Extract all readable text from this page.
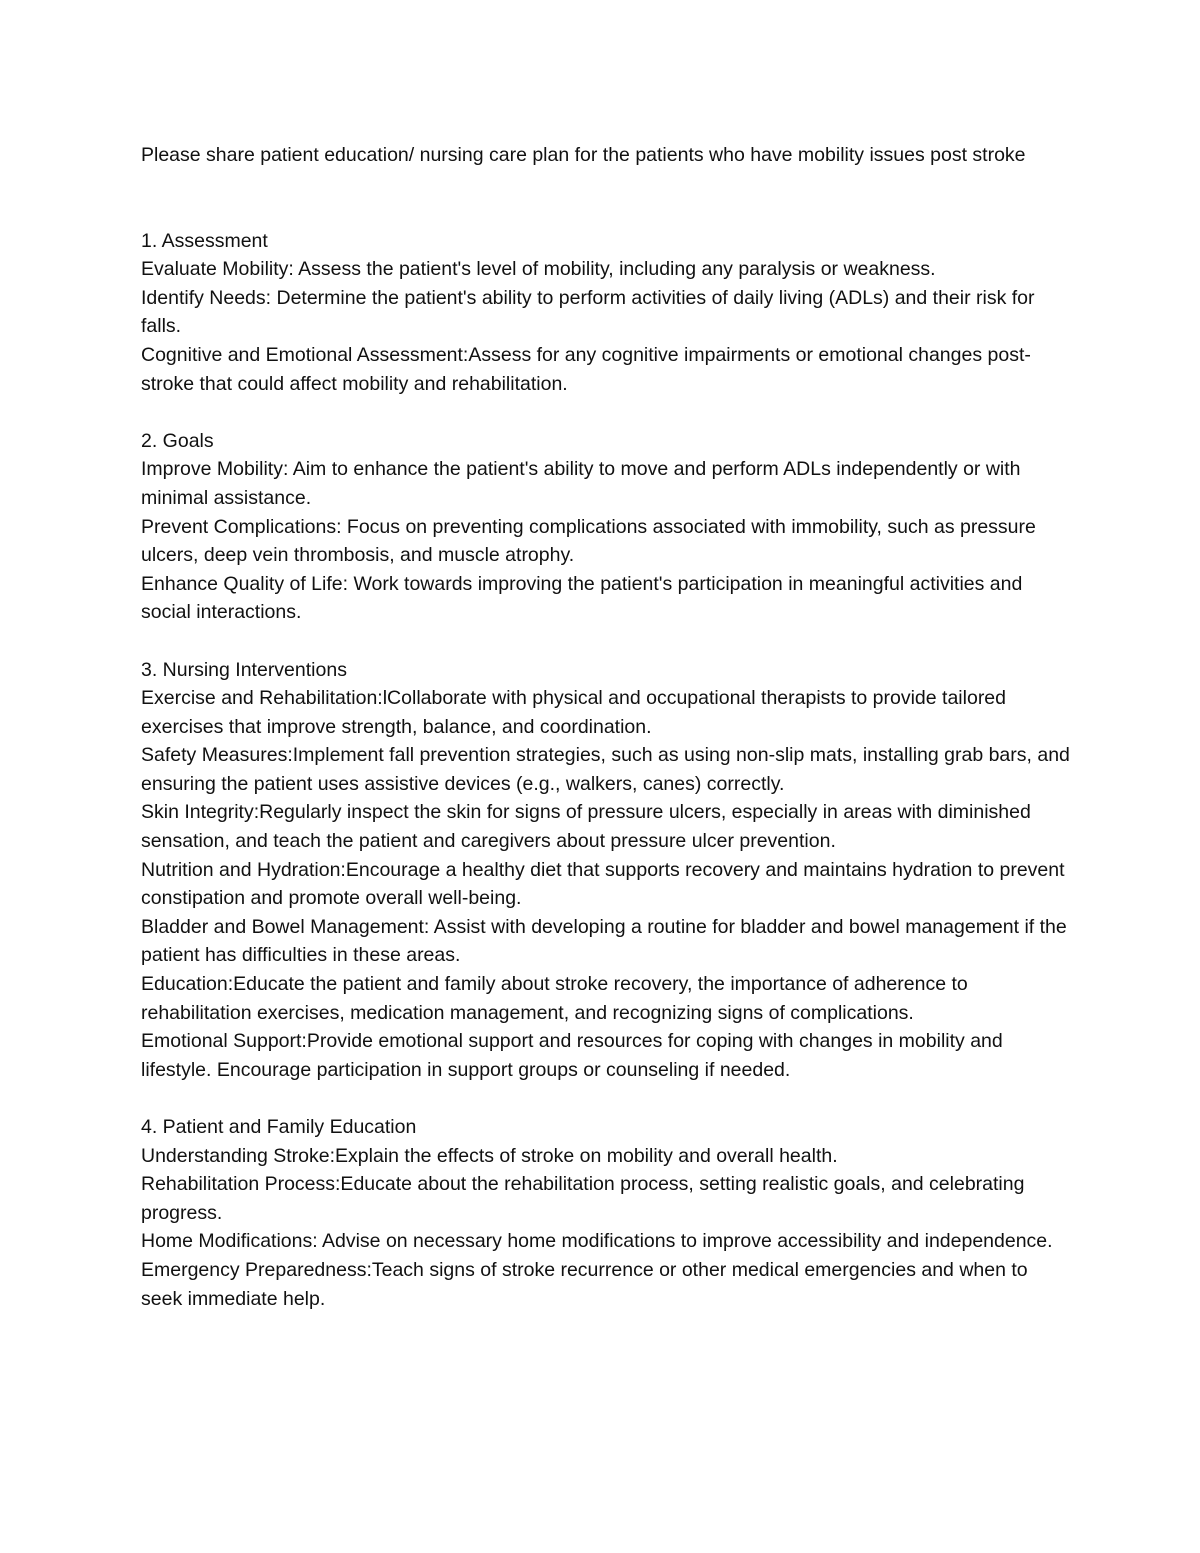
Please share patient education/ nursing care plan for the patients who have mobility issues post stroke

1. Assessment
Evaluate Mobility: Assess the patient's level of mobility, including any paralysis or weakness.
Identify Needs: Determine the patient's ability to perform activities of daily living (ADLs) and their risk for falls.
Cognitive and Emotional Assessment:Assess for any cognitive impairments or emotional changes post-stroke that could affect mobility and rehabilitation.
2. Goals
Improve Mobility: Aim to enhance the patient's ability to move and perform ADLs independently or with minimal assistance.
Prevent Complications: Focus on preventing complications associated with immobility, such as pressure ulcers, deep vein thrombosis, and muscle atrophy.
Enhance Quality of Life: Work towards improving the patient's participation in meaningful activities and social interactions.
3. Nursing Interventions
Exercise and Rehabilitation:lCollaborate with physical and occupational therapists to provide tailored exercises that improve strength, balance, and coordination.
Safety Measures:Implement fall prevention strategies, such as using non-slip mats, installing grab bars, and ensuring the patient uses assistive devices (e.g., walkers, canes) correctly.
Skin Integrity:Regularly inspect the skin for signs of pressure ulcers, especially in areas with diminished sensation, and teach the patient and caregivers about pressure ulcer prevention.
Nutrition and Hydration:Encourage a healthy diet that supports recovery and maintains hydration to prevent constipation and promote overall well-being.
Bladder and Bowel Management: Assist with developing a routine for bladder and bowel management if the patient has difficulties in these areas.
Education:Educate the patient and family about stroke recovery, the importance of adherence to rehabilitation exercises, medication management, and recognizing signs of complications.
Emotional Support:Provide emotional support and resources for coping with changes in mobility and lifestyle. Encourage participation in support groups or counseling if needed.
4. Patient and Family Education
Understanding Stroke:Explain the effects of stroke on mobility and overall health.
Rehabilitation Process:Educate about the rehabilitation process, setting realistic goals, and celebrating progress.
Home Modifications: Advise on necessary home modifications to improve accessibility and independence.
Emergency Preparedness:Teach signs of stroke recurrence or other medical emergencies and when to seek immediate help.
